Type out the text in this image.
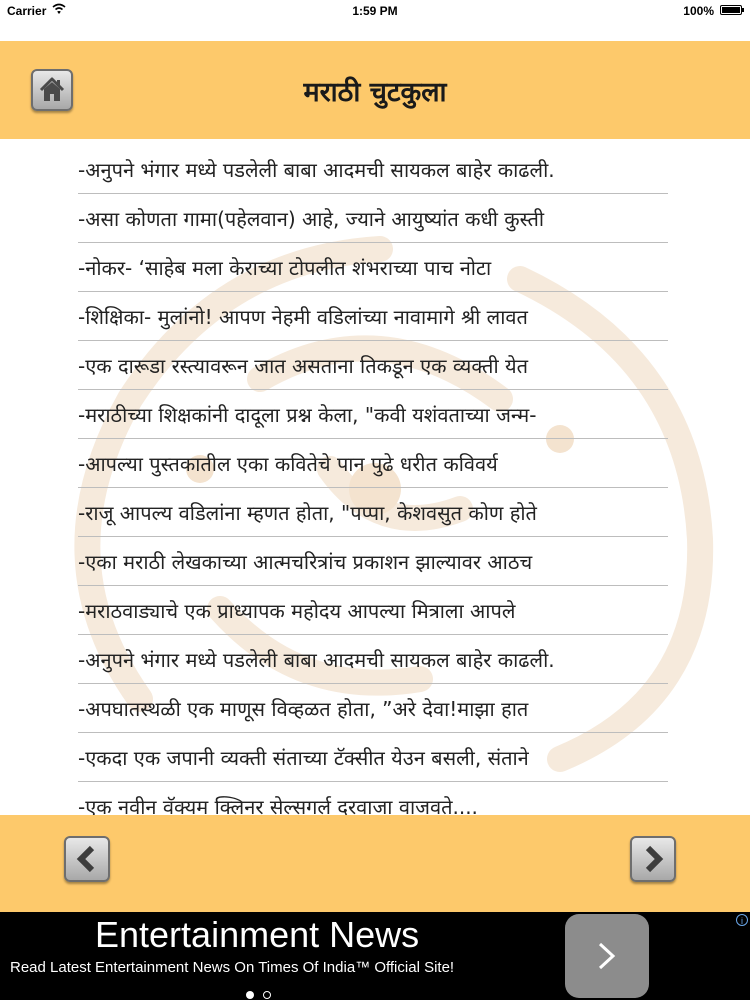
Carrier	1:59 PM	100%
मराठी चुटकुला
-अनुपने भंगार मध्ये पडलेली बाबा आदमची सायकल बाहेर काढली.
-असा कोणता गामा(पहेलवान) आहे, ज्याने आयुष्यांत कधी कुस्ती
-नोकर- ‘साहेब मला केराच्या टोपलीत शंभराच्या पाच नोटा
-शिक्षिका- मुलांनो! आपण नेहमी वडिलांच्या नावामागे श्री लावत
-एक दारूडा रस्त्यावरून जात असताना तिकडून एक व्यक्ती येत
-मराठीच्या शिक्षकांनी दादूला प्रश्न केला, "कवी यशंवताच्या जन्म-
-आपल्या पुस्तकातील एका कवितेचे पान पुढे धरीत कविवर्य
-राजू आपल्य वडिलांना म्हणत होता, "पप्पा, केशवसुत कोण होते
-एका मराठी लेखकाच्या आत्मचरित्रांच प्रकाशन झाल्यावर आठच
-मराठवाड्याचे एक प्राध्यापक महोदय आपल्या मित्राला आपले
-अनुपने भंगार मध्ये पडलेली बाबा आदमची सायकल बाहेर काढली.
-अपघातस्थळी एक माणूस विव्हळत होता, ”अरे देवा!माझा हात
-एकदा एक जपानी व्यक्ती संताच्या टॅक्सीत येउन बसली, संताने
-एक नवीन वॅक्यम क्लिनर सेल्सगर्ल दरवाजा वाजवते....
Entertainment News
Read Latest Entertainment News On Times Of India™ Official Site!
i
